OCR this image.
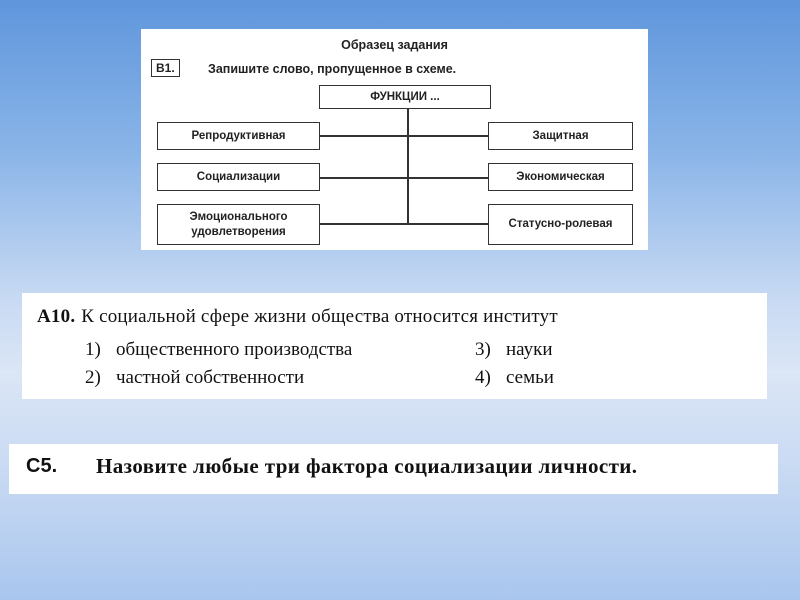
Образец задания
В1.	Запишите слово, пропущенное в схеме.
ФУНКЦИИ ...
Репродуктивная
Социализации
Эмоционального удовлетворения
Защитная
Экономическая
Статусно-ролевая
А10. К социальной сфере жизни общества относится институт
1) общественного производства
2) частной собственности
3) науки
4) семьи
С5. Назовите любые три фактора социализации личности.
